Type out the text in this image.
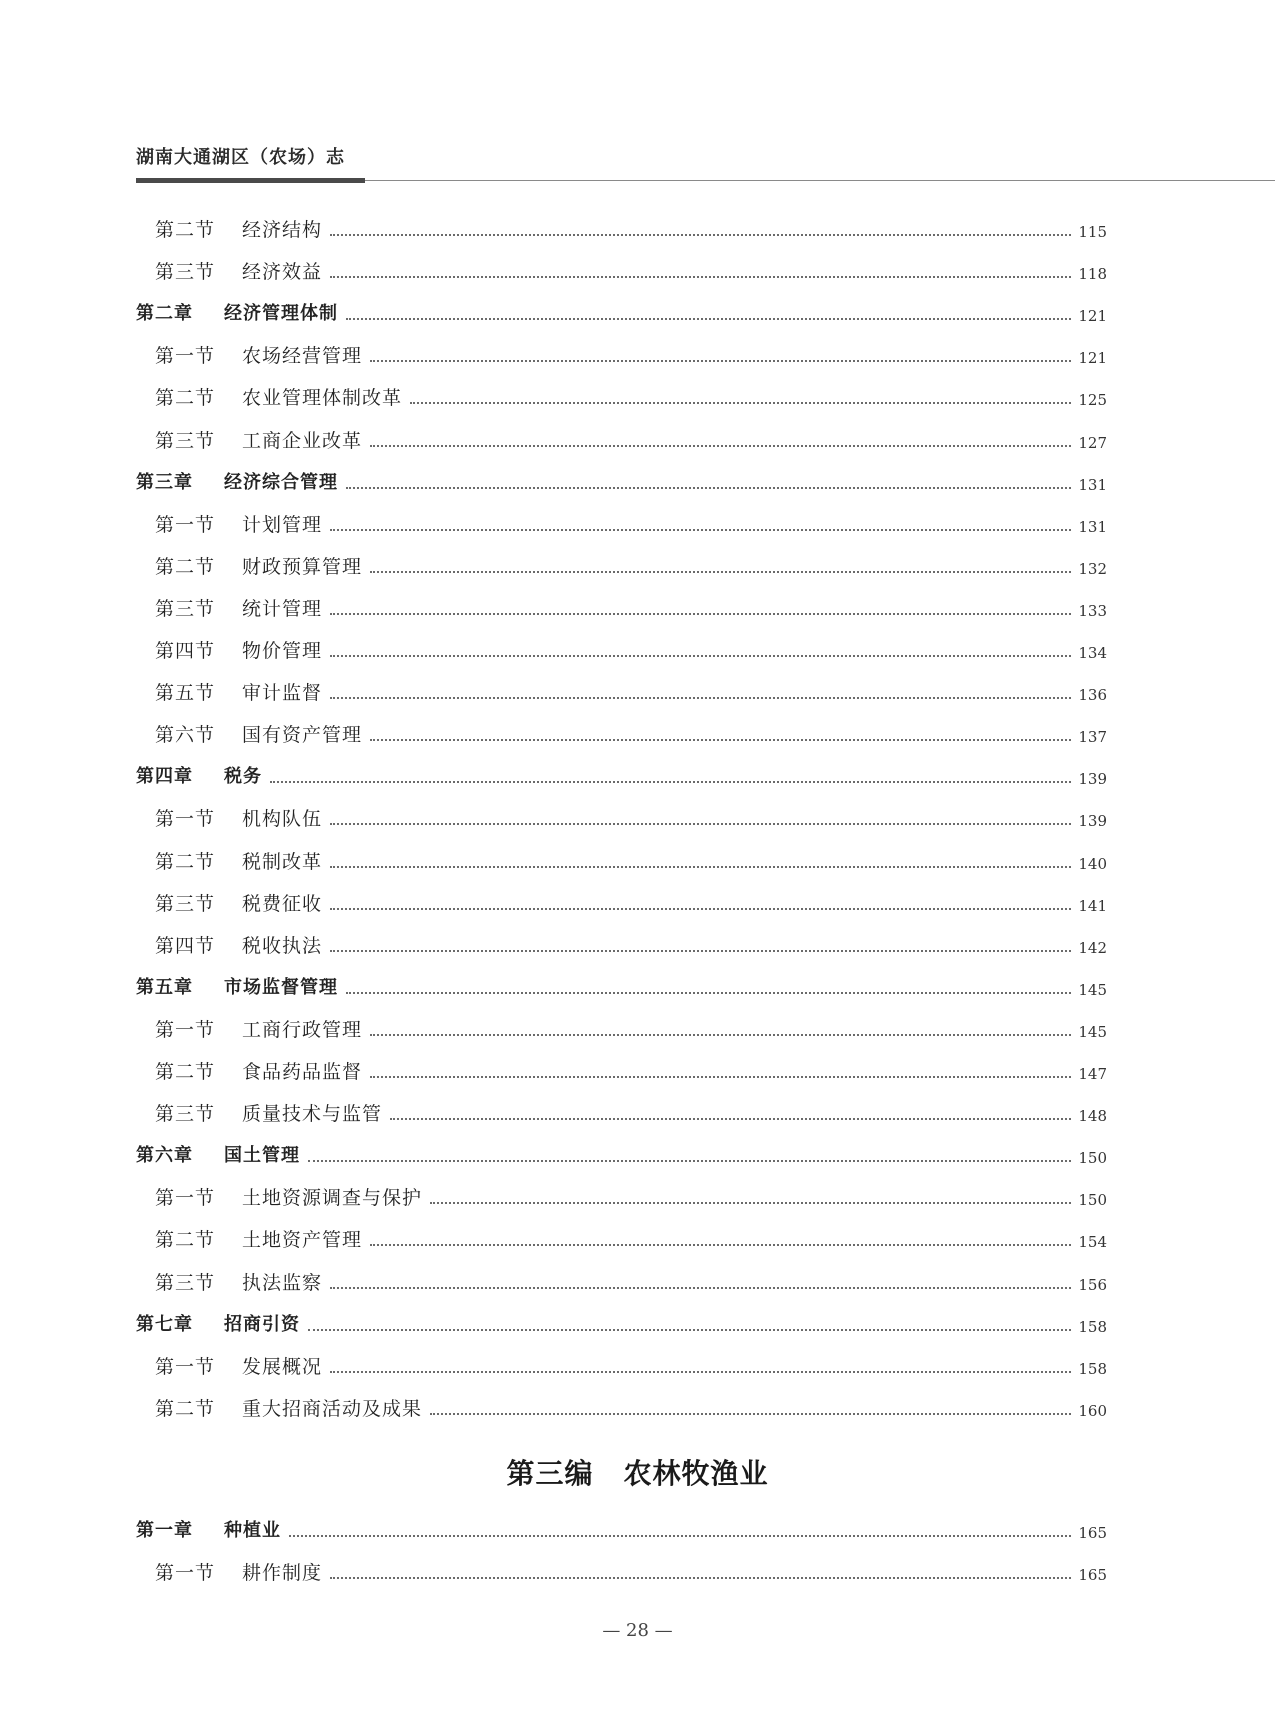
湖南大通湖区（农场）志
第二节 经济结构	115
第三节 经济效益	118
第二章 经济管理体制	121
第一节 农场经营管理	121
第二节 农业管理体制改革	125
第三节 工商企业改革	127
第三章 经济综合管理	131
第一节 计划管理	131
第二节 财政预算管理	132
第三节 统计管理	133
第四节 物价管理	134
第五节 审计监督	136
第六节 国有资产管理	137
第四章 税务	139
第一节 机构队伍	139
第二节 税制改革	140
第三节 税费征收	141
第四节 税收执法	142
第五章 市场监督管理	145
第一节 工商行政管理	145
第二节 食品药品监督	147
第三节 质量技术与监管	148
第六章 国土管理	150
第一节 土地资源调查与保护	150
第二节 土地资产管理	154
第三节 执法监察	156
第七章 招商引资	158
第一节 发展概况	158
第二节 重大招商活动及成果	160
第三编 农林牧渔业
第一章 种植业	165
第一节 耕作制度	165
— 28 —
